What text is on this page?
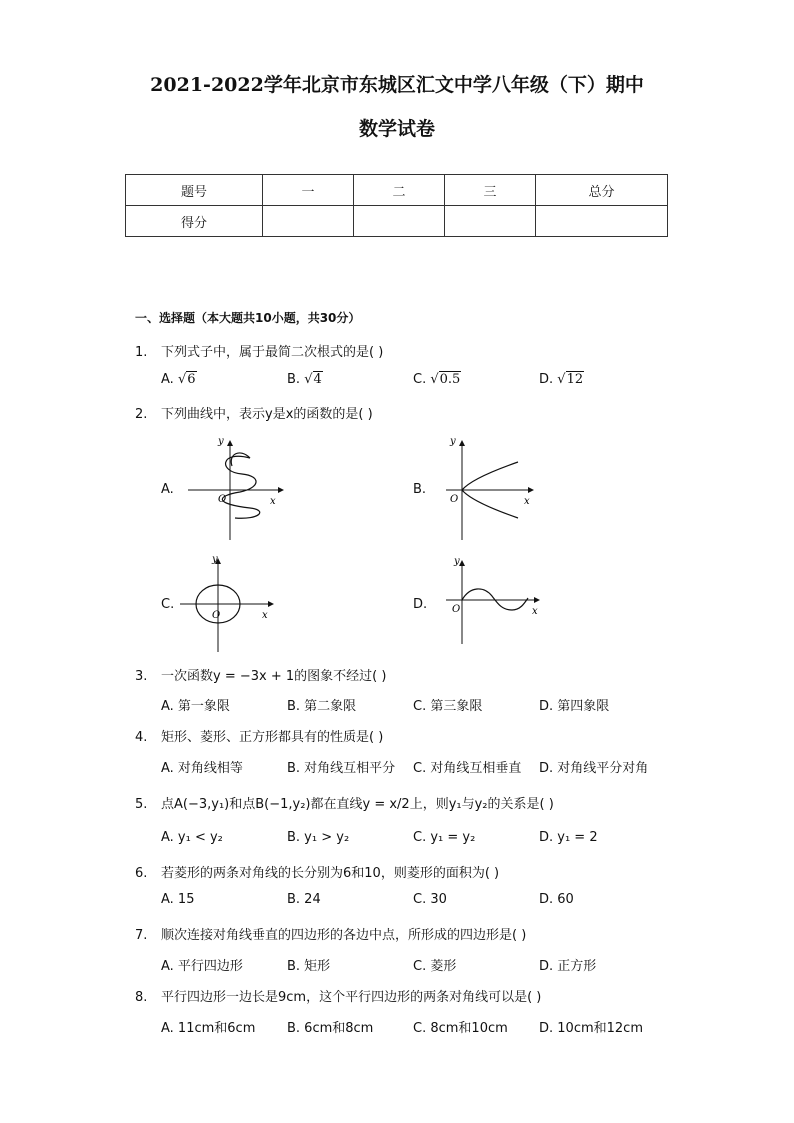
2021-2022学年北京市东城区汇文中学八年级（下）期中
数学试卷
题号	一	二	三	总分
得分				
一、选择题（本大题共10小题，共30分）
1. 下列式子中，属于最简二次根式的是( )
A. √6	B. √4	C. √0.5	D. √12
2. 下列曲线中，表示y是x的函数的是( )
A.
x
y
O
B.
x
y
O
C.
x
y
O
D.	x
y
O
3. 一次函数y = −3x + 1的图象不经过( )
A. 第一象限	B. 第二象限	C. 第三象限	D. 第四象限
4. 矩形、菱形、正方形都具有的性质是( )
A. 对角线相等	B. 对角线互相平分 C. 对角线互相垂直 D. 对角线平分对角
5. 点A(−3,y₁)和点B(−1,y₂)都在直线y = x/2上，则y₁与y₂的关系是( )
A. y₁ < y₂	B. y₁ > y₂	C. y₁ = y₂	D. y₁ = 2
6. 若菱形的两条对角线的长分别为6和10，则菱形的面积为( )
A. 15	B. 24	C. 30	D. 60
7. 顺次连接对角线垂直的四边形的各边中点，所形成的四边形是( )
A. 平行四边形	B. 矩形	C. 菱形	D. 正方形
8. 平行四边形一边长是9cm，这个平行四边形的两条对角线可以是( )
A. 11cm和6cm B. 6cm和8cm	C. 8cm和10cm D. 10cm和12cm
